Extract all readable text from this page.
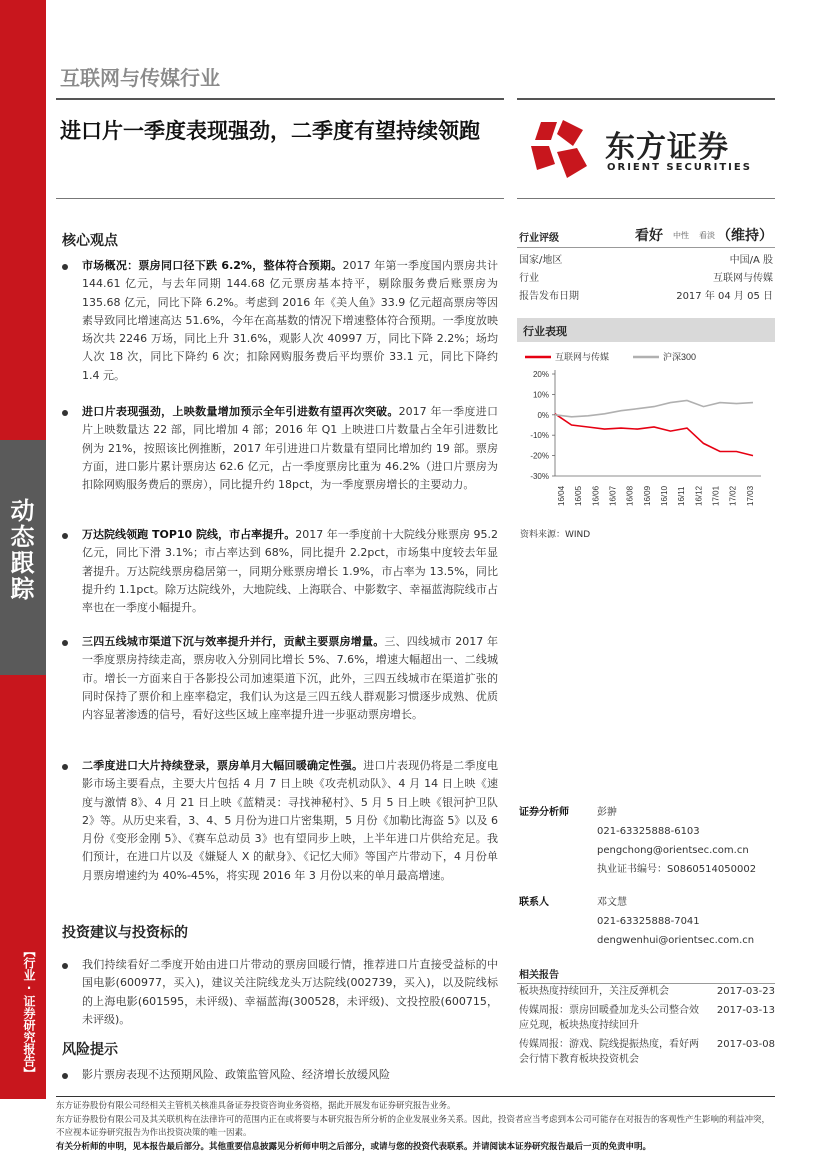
动态跟踪
【行业·证券研究报告】
互联网与传媒行业
进口片一季度表现强劲，二季度有望持续领跑	东方证券
ORIENT SECURITIES
核心观点
市场概况：票房同口径下跌 6.2%，整体符合预期。2017 年第一季度国内票房共计 144.61 亿元，与去年同期 144.68 亿元票房基本持平，剔除服务费后账票房为 135.68 亿元，同比下降 6.2%。考虑到 2016 年《美人鱼》33.9 亿元超高票房等因素导致同比增速高达 51.6%，今年在高基数的情况下增速整体符合预期。一季度放映场次共 2246 万场，同比上升 31.6%，观影人次 40997 万，同比下降 2.2%；场均人次 18 次，同比下降约 6 次；扣除网购服务费后平均票价 33.1 元，同比下降约 1.4 元。
进口片表现强劲，上映数量增加预示全年引进数有望再次突破。2017 年一季度进口片上映数量达 22 部，同比增加 4 部；2016 年 Q1 上映进口片数量占全年引进数比例为 21%，按照该比例推断，2017 年引进进口片数量有望同比增加约 19 部。票房方面，进口影片累计票房达 62.6 亿元，占一季度票房比重为 46.2%（进口片票房为扣除网购服务费后的票房），同比提升约 18pct，为一季度票房增长的主要动力。
万达院线领跑 TOP10 院线，市占率提升。2017 年一季度前十大院线分账票房 95.2 亿元，同比下滑 3.1%；市占率达到 68%，同比提升 2.2pct，市场集中度较去年显著提升。万达院线票房稳居第一，同期分账票房增长 1.9%，市占率为 13.5%，同比提升约 1.1pct。除万达院线外，大地院线、上海联合、中影数字、幸福蓝海院线市占率也在一季度小幅提升。
三四五线城市渠道下沉与效率提升并行，贡献主要票房增量。三、四线城市 2017 年一季度票房持续走高，票房收入分别同比增长 5%、7.6%，增速大幅超出一、二线城市。增长一方面来自于各影投公司加速渠道下沉，此外，三四五线城市在渠道扩张的同时保持了票价和上座率稳定，我们认为这是三四五线人群观影习惯逐步成熟、优质内容显著渗透的信号，看好这些区域上座率提升进一步驱动票房增长。
二季度进口大片持续登录，票房单月大幅回暖确定性强。进口片表现仍将是二季度电影市场主要看点，主要大片包括 4 月 7 日上映《攻壳机动队》、4 月 14 日上映《速度与激情 8》、4 月 21 日上映《蓝精灵：寻找神秘村》、5 月 5 日上映《银河护卫队 2》等。从历史来看，3、4、5 月份为进口片密集期，5 月份《加勒比海盗 5》以及 6 月份《变形金刚 5》、《赛车总动员 3》也有望同步上映，上半年进口片供给充足。我们预计，在进口片以及《嫌疑人 X 的献身》、《记忆大师》等国产片带动下，4 月份单月票房增速约为 40%-45%，将实现 2016 年 3 月份以来的单月最高增速。
投资建议与投资标的
我们持续看好二季度开始由进口片带动的票房回暖行情，推荐进口片直接受益标的中国电影(600977，买入)，建议关注院线龙头万达院线(002739，买入)，以及院线标的上海电影(601595，未评级)、幸福蓝海(300528，未评级)、文投控股(600715，未评级)。
风险提示
影片票房表现不达预期风险、政策监管风险、经济增长放缓风险
行业评级	看好 中性 看淡 （维持）
国家/地区	中国/A 股
行业	互联网与传媒
报告发布日期	2017 年 04 月 05 日
行业表现
互联网与传媒	沪深300
20%
10%
0%
-10%
-20%
-30%
16/04 16/05 16/06 16/07 16/08 16/09 16/10 16/11 16/12 17/01 17/02 17/03
资料来源：WIND
证券分析师	彭翀
021-63325888-6103
pengchong@orientsec.com.cn
执业证书编号：S0860514050002
联系人	邓文慧
021-63325888-7041
dengwenhui@orientsec.com.cn
相关报告
板块热度持续回升，关注反弹机会	2017-03-23
传媒周报：票房回暖叠加龙头公司整合效应兑现，板块热度持续回升
2017-03-13
传媒周报：游戏、院线提振热度，看好两会行情下教育板块投资机会
2017-03-08
东方证券股份有限公司经相关主管机关核准具备证券投资咨询业务资格，据此开展发布证券研究报告业务。
东方证券股份有限公司及其关联机构在法律许可的范围内正在或将要与本研究报告所分析的企业发展业务关系。因此，投资者应当考虑到本公司可能存在对报告的客观性产生影响的利益冲突，不应视本证券研究报告为作出投资决策的唯一因素。
有关分析师的申明，见本报告最后部分。其他重要信息披露见分析师申明之后部分，或请与您的投资代表联系。并请阅读本证券研究报告最后一页的免责申明。
